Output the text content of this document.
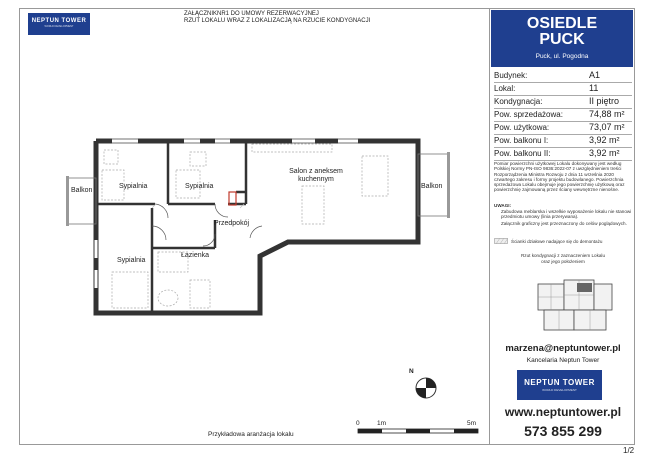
NEPTUN TOWER
WORLD DEVELOPMENT
ZAŁĄCZNIKNR1 DO UMOWY REZERWACYJNEJ
RZUT LOKALU WRAZ Z LOKALIZACJĄ NA RZUCIE KONDYGNACJI
Balkon
Sypialnia	Sypialnia
Salon z aneksem kuchennym
Balkon
Przedpokój
Łazienka
Sypialnia
N
0	1m	5m
Przykładowa aranżacja lokalu
OSIEDLE
PUCK
Puck, ul. Pogodna
Budynek:	A1
Lokal:	11
Kondygnacja:	II piętro
Pow. sprzedażowa:	74,88 m²
Pow. użytkowa:	73,07 m²
Pow. balkonu I:	3,92 m²
Pow. balkonu II:	3,92 m²
Pomiar powierzchni użytkowej Lokalu dokonywany jest według Polskiej Normy PN-ISO 9836:2022-07 z uwzględnieniem treści Rozporządzenia Ministra Rozwoju z dnia 11 września 2020 czwartego zakresu i formy projektu budowlanego. Powierzchnia sprzedażowa Lokalu obejmuje jego powierzchnię użytkową oraz powierzchnię zajmowaną przez ściany wewnętrzne nienośne.
UWAGI:
Zabudowa meblarska i wszelkie wyposażenie lokalu nie stanowi przedmiotu umowy (linia przerywana).
Załącznik graficzny jest przeznaczony do celów poglądowych.
Ścianki działowe nadające się do demontażu
Rzut kondygnacji z zaznaczeniem Lokalu
oraz jego położeniem
marzena@neptuntower.pl
Kancelaria Neptun Tower
NEPTUN TOWER
WORLD DEVELOPMENT
www.neptuntower.pl
573 855 299
1/2
